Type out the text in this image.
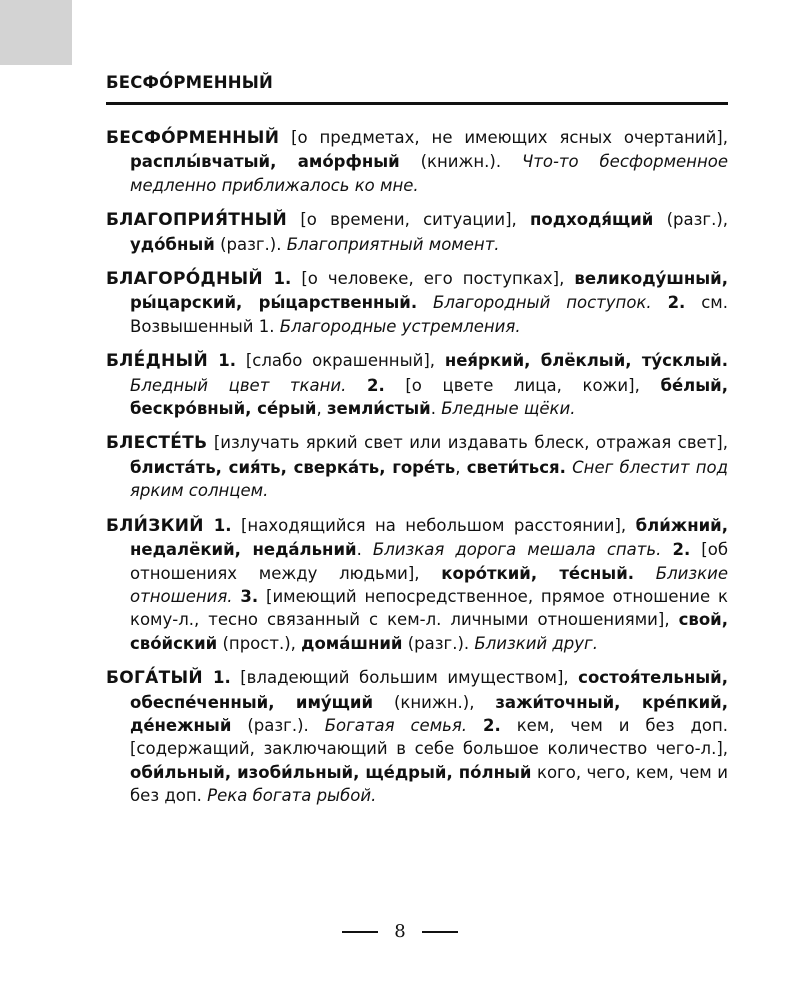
БЕСФО́РМЕННЫЙ

БЕСФО́РМЕННЫЙ [о предметах, не имеющих ясных очертаний], расплы́вчатый, амо́рфный (книжн.). Что-то бесформенное медленно приближалось ко мне.

БЛАГОПРИЯ́ТНЫЙ [о времени, ситуации], подходя́щий (разг.), удо́бный (разг.). Благоприятный момент.

БЛАГОРО́ДНЫЙ 1. [о человеке, его поступках], великоду́шный, ры́царский, ры́царственный. Благородный поступок. 2. см. Возвышенный 1. Благородные устремления.

БЛЕ́ДНЫЙ 1. [слабо окрашенный], нея́ркий, блёклый, ту́склый. Бледный цвет ткани. 2. [о цвете лица, кожи], бе́лый, бескро́вный, се́рый, земли́стый. Бледные щёки.

БЛЕСТЕ́ТЬ [излучать яркий свет или издавать блеск, отражая свет], блиста́ть, сия́ть, сверка́ть, горе́ть, свети́ться. Снег блестит под ярким солнцем.

БЛИ́ЗКИЙ 1. [находящийся на небольшом расстоянии], бли́жний, недалёкий, неда́льний. Близкая дорога мешала спать. 2. [об отношениях между людьми], коро́ткий, те́сный. Близкие отношения. 3. [имеющий непосредственное, прямое отношение к кому-л., тесно связанный с кем-л. личными отношениями], свой, сво́йский (прост.), дома́шний (разг.). Близкий друг.

БОГА́ТЫЙ 1. [владеющий большим имуществом], состоя́тельный, обеспе́ченный, иму́щий (книжн.), зажи́точный, кре́пкий, де́нежный (разг.). Богатая семья. 2. кем, чем и без доп. [содержащий, заключающий в себе большое количество чего-л.], оби́льный, изоби́льный, ще́дрый, по́лный кого, чего, кем, чем и без доп. Река богата рыбой.

8
